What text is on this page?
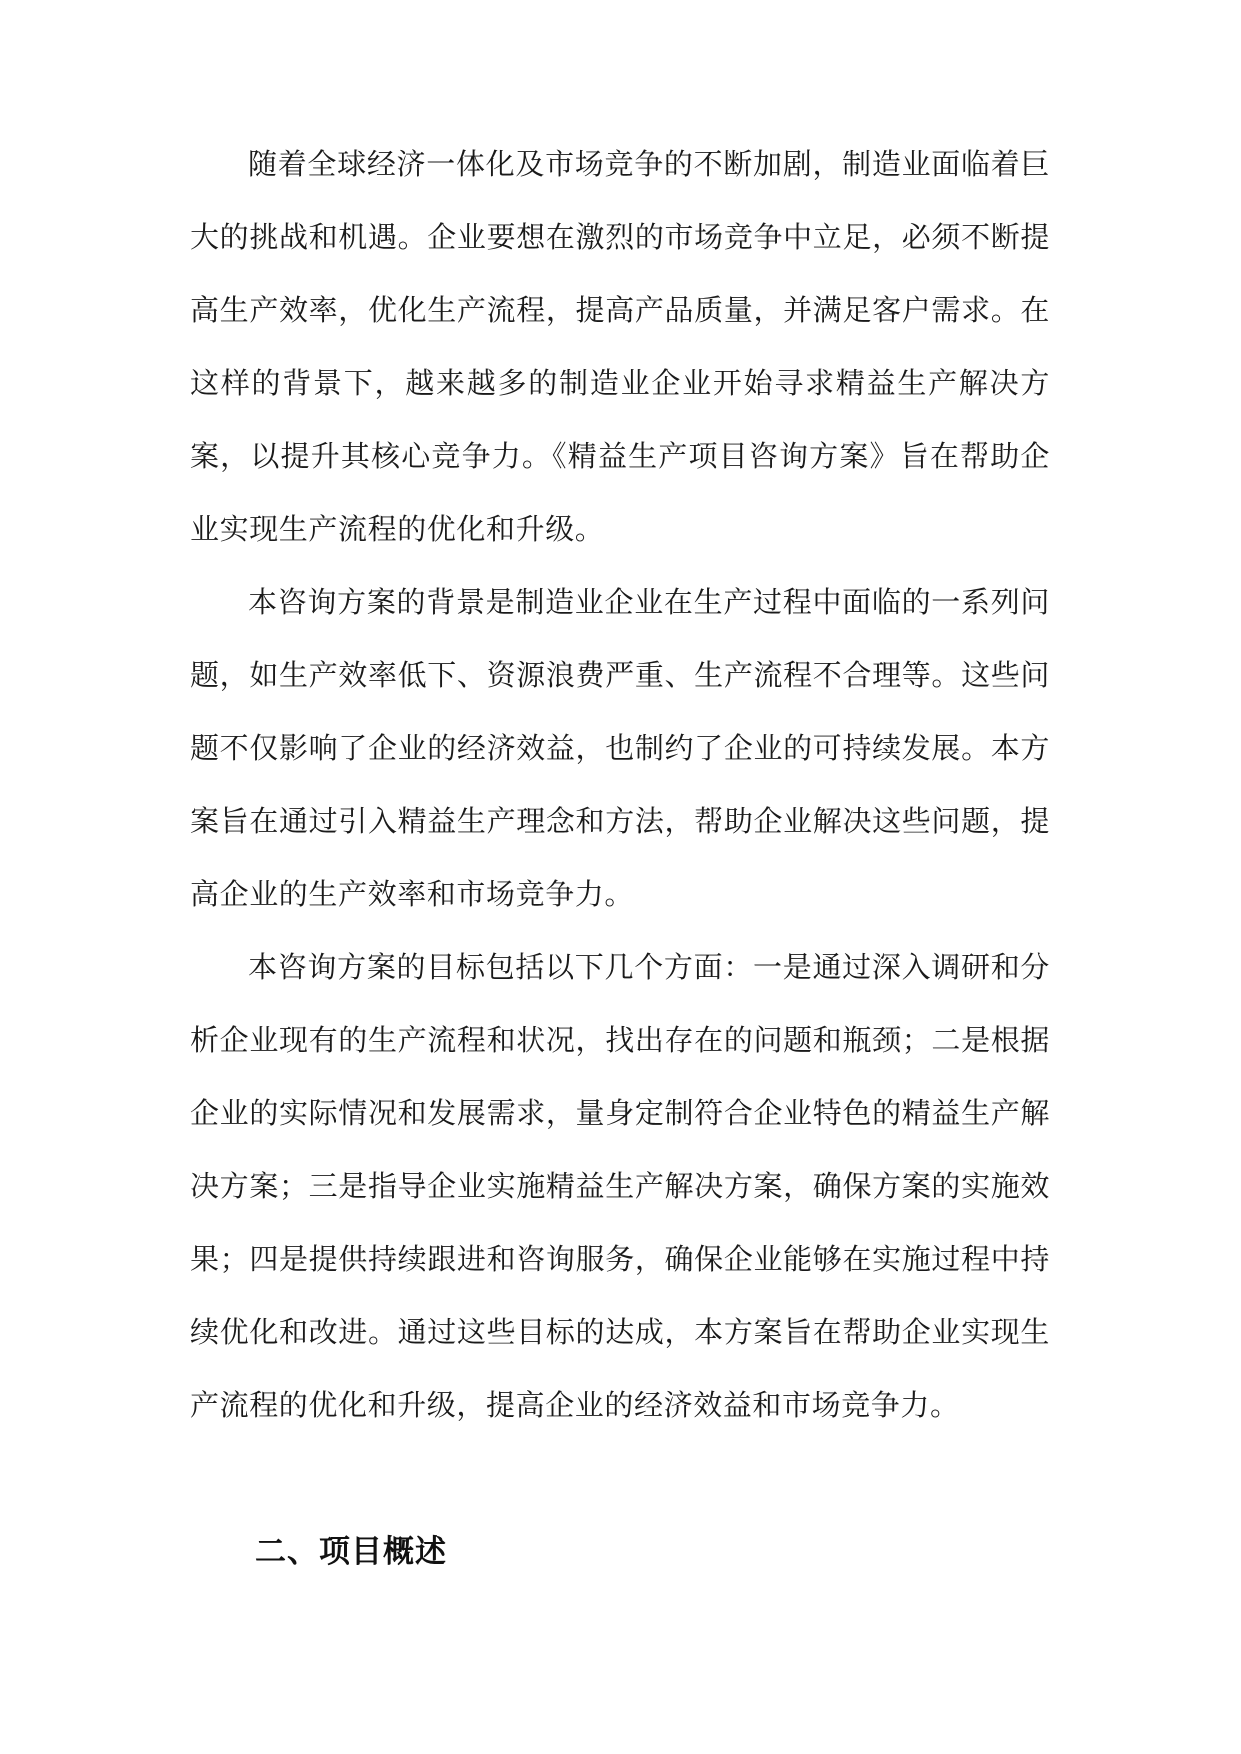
随着全球经济一体化及市场竞争的不断加剧，制造业面临着巨大的挑战和机遇。企业要想在激烈的市场竞争中立足，必须不断提高生产效率，优化生产流程，提高产品质量，并满足客户需求。在这样的背景下，越来越多的制造业企业开始寻求精益生产解决方案，以提升其核心竞争力。《精益生产项目咨询方案》旨在帮助企业实现生产流程的优化和升级。

本咨询方案的背景是制造业企业在生产过程中面临的一系列问题，如生产效率低下、资源浪费严重、生产流程不合理等。这些问题不仅影响了企业的经济效益，也制约了企业的可持续发展。本方案旨在通过引入精益生产理念和方法，帮助企业解决这些问题，提高企业的生产效率和市场竞争力。

本咨询方案的目标包括以下几个方面：一是通过深入调研和分析企业现有的生产流程和状况，找出存在的问题和瓶颈；二是根据企业的实际情况和发展需求，量身定制符合企业特色的精益生产解决方案；三是指导企业实施精益生产解决方案，确保方案的实施效果；四是提供持续跟进和咨询服务，确保企业能够在实施过程中持续优化和改进。通过这些目标的达成，本方案旨在帮助企业实现生产流程的优化和升级，提高企业的经济效益和市场竞争力。

二、项目概述
